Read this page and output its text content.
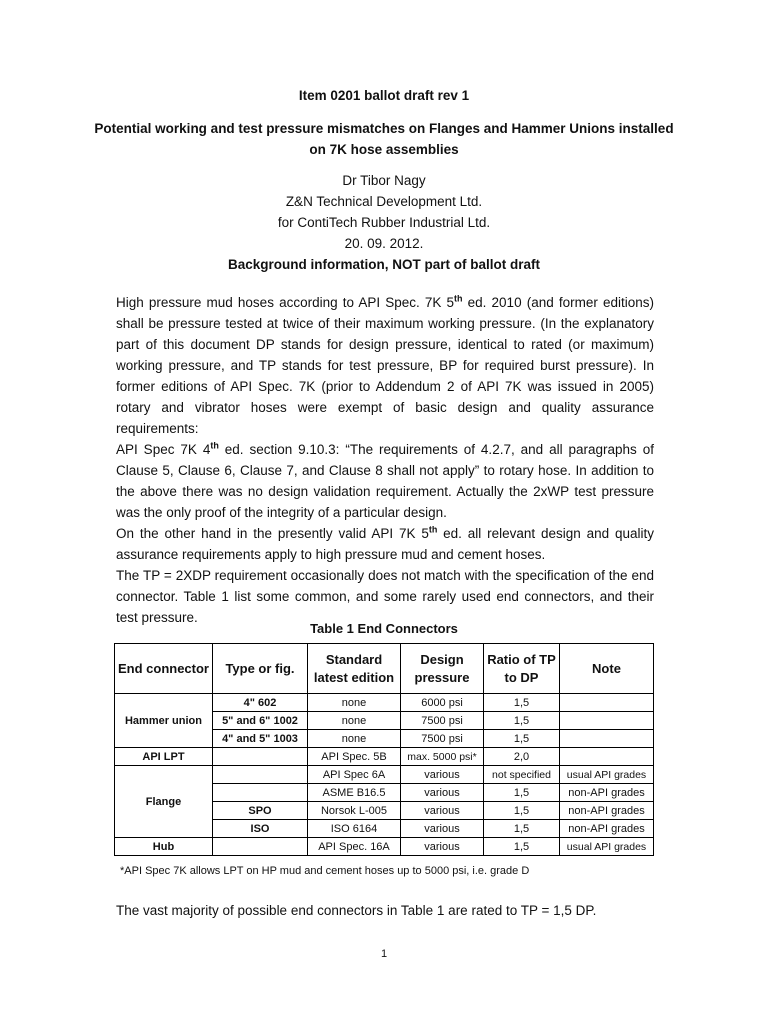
Item 0201 ballot draft rev 1
Potential working and test pressure mismatches on Flanges and Hammer Unions installed
on 7K hose assemblies
Dr Tibor Nagy
Z&N Technical Development Ltd.
for ContiTech Rubber Industrial Ltd.
20. 09. 2012.
Background information, NOT part of ballot draft

High pressure mud hoses according to API Spec. 7K 5th ed. 2010 (and former editions) shall be pressure tested at twice of their maximum working pressure. (In the explanatory part of this document DP stands for design pressure, identical to rated (or maximum) working pressure, and TP stands for test pressure, BP for required burst pressure). In former editions of API Spec. 7K (prior to Addendum 2 of API 7K was issued in 2005) rotary and vibrator hoses were exempt of basic design and quality assurance requirements:

API Spec 7K 4th ed. section 9.10.3: “The requirements of 4.2.7, and all paragraphs of Clause 5, Clause 6, Clause 7, and Clause 8 shall not apply” to rotary hose. In addition to the above there was no design validation requirement. Actually the 2xWP test pressure was the only proof of the integrity of a particular design.

On the other hand in the presently valid API 7K 5th ed. all relevant design and quality assurance requirements apply to high pressure mud and cement hoses.

The TP = 2XDP requirement occasionally does not match with the specification of the end connector. Table 1 list some common, and some rarely used end connectors, and their test pressure.

Table 1 End Connectors
End connector	Type or fig.	Standard latest edition	Design pressure	Ratio of TP to DP	Note
Hammer union	4" 602	none	6000 psi	1,5	
	5" and 6" 1002	none	7500 psi	1,5	
	4" and 5" 1003	none	7500 psi	1,5	
API LPT		API Spec. 5B	max. 5000 psi*	2,0	
Flange		API Spec 6A	various	not specified	usual API grades
		ASME B16.5	various	1,5	non-API grades
	SPO	Norsok L-005	various	1,5	non-API grades
	ISO	ISO 6164	various	1,5	non-API grades
Hub		API Spec. 16A	various	1,5	usual API grades
*API Spec 7K allows LPT on HP mud and cement hoses up to 5000 psi, i.e. grade D
The vast majority of possible end connectors in Table 1 are rated to TP = 1,5 DP.
1
